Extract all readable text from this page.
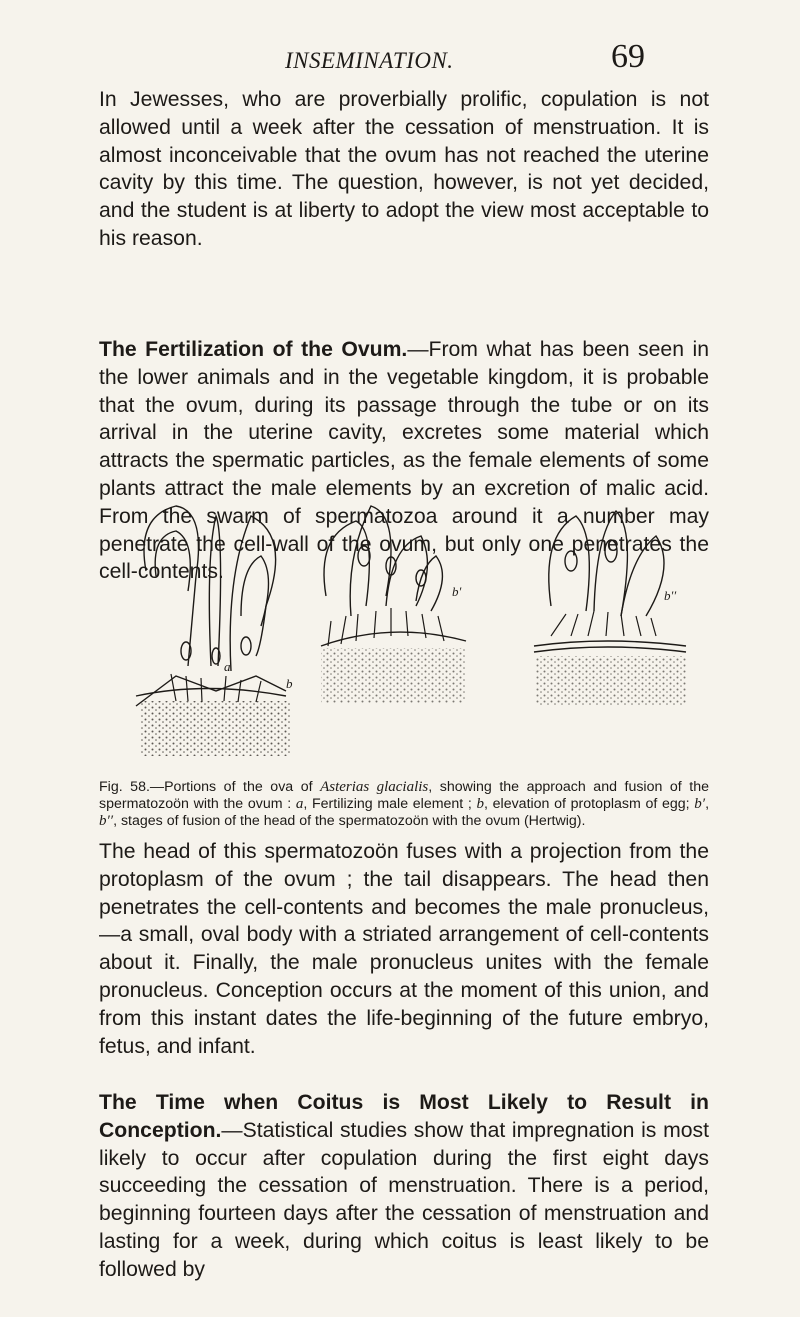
INSEMINATION.	69

In Jewesses, who are proverbially prolific, copulation is not allowed until a week after the cessation of menstruation. It is almost inconceivable that the ovum has not reached the uterine cavity by this time. The question, however, is not yet decided, and the student is at liberty to adopt the view most acceptable to his reason.

The Fertilization of the Ovum.—From what has been seen in the lower animals and in the vegetable kingdom, it is probable that the ovum, during its passage through the tube or on its arrival in the uterine cavity, excretes some material which attracts the spermatic particles, as the female elements of some plants attract the male elements by an excretion of malic acid. From the swarm of spermatozoa around it a number may penetrate the cell-wall of the ovum, but only one penetrates the cell-contents.

a
b
b′	b′′

Fig. 58.—Portions of the ova of Asterias glacialis, showing the approach and fusion of the spermatozoön with the ovum : a, Fertilizing male element ; b, elevation of protoplasm of egg; b′, b′′, stages of fusion of the head of the spermatozoön with the ovum (Hertwig).

The head of this spermatozoön fuses with a projection from the protoplasm of the ovum ; the tail disappears. The head then penetrates the cell-contents and becomes the male pronucleus,—a small, oval body with a striated arrangement of cell-contents about it. Finally, the male pronucleus unites with the female pronucleus. Conception occurs at the moment of this union, and from this instant dates the life-beginning of the future embryo, fetus, and infant.

The Time when Coitus is Most Likely to Result in Conception.—Statistical studies show that impregnation is most likely to occur after copulation during the first eight days succeeding the cessation of menstruation. There is a period, beginning fourteen days after the cessation of menstruation and lasting for a week, during which coitus is least likely to be followed by
